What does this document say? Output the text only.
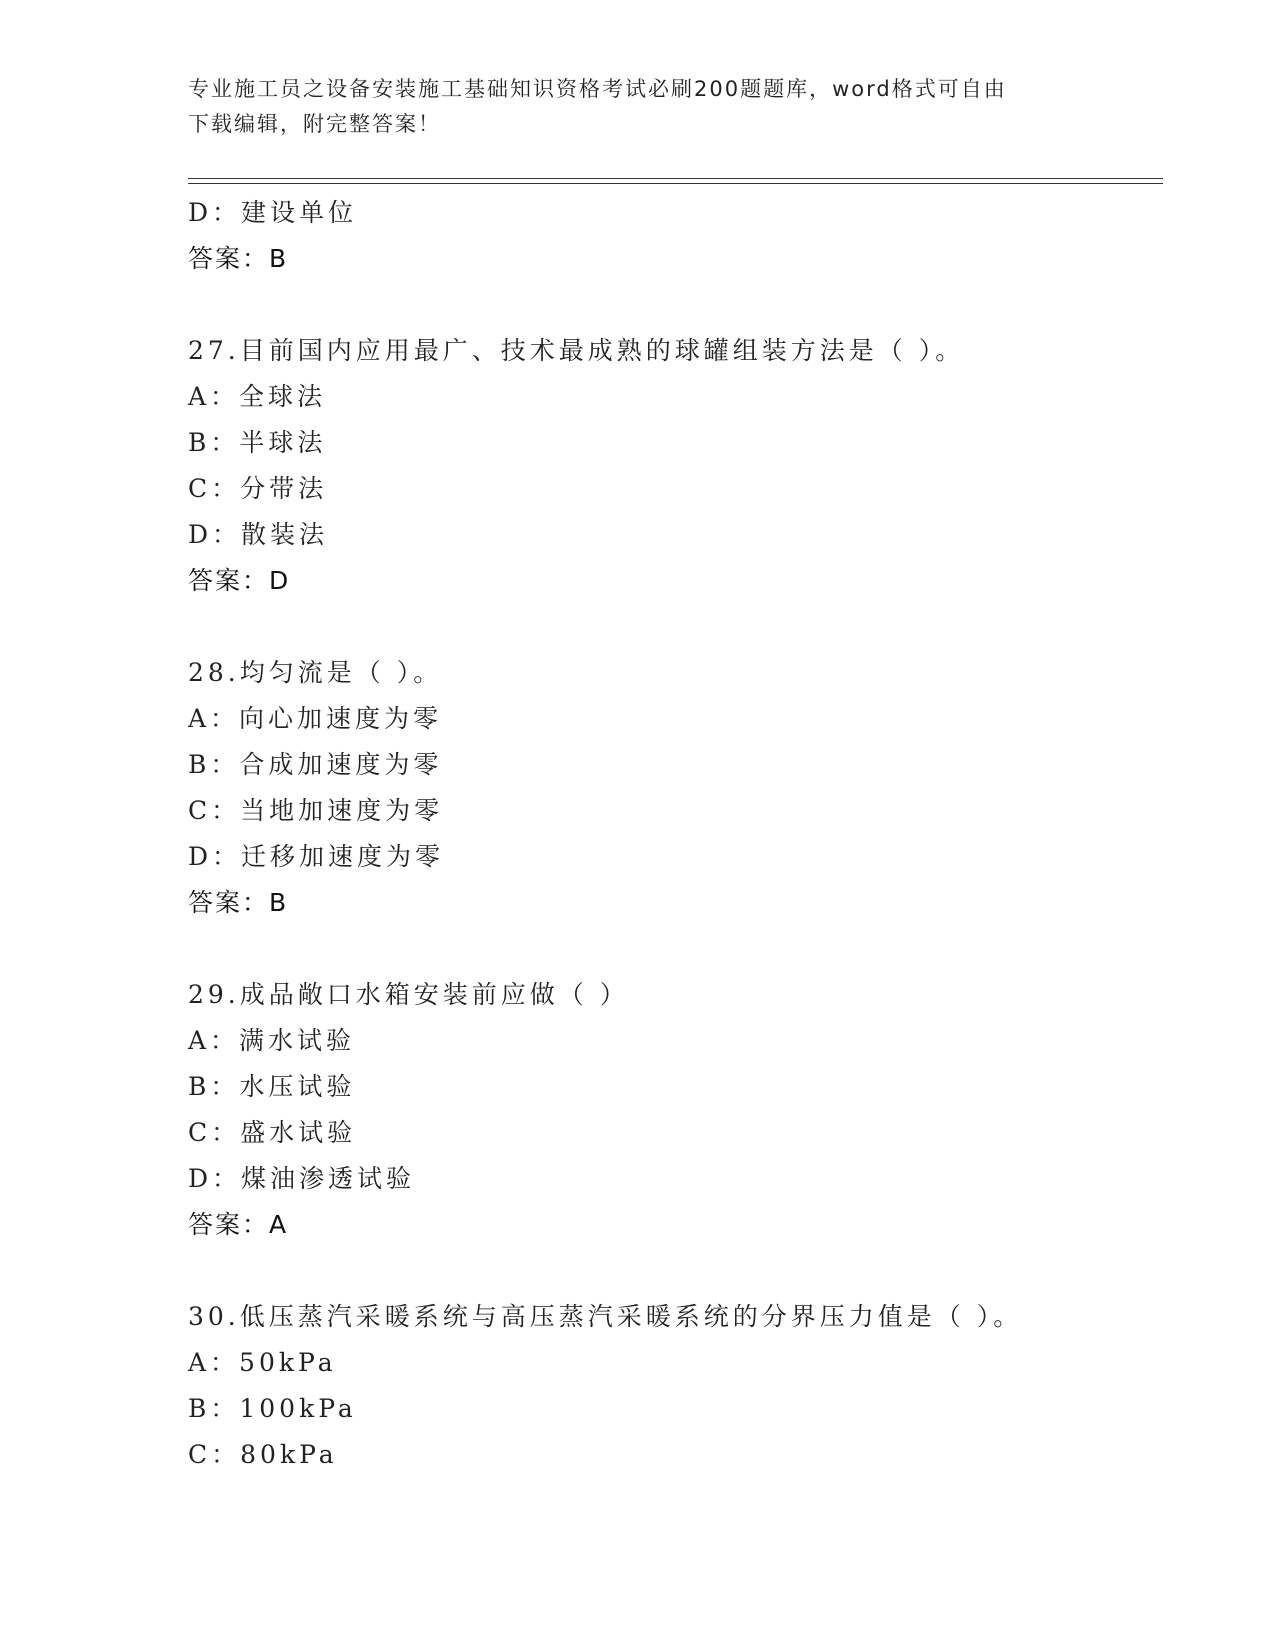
专业施工员之设备安装施工基础知识资格考试必刷200题题库，word格式可自由
下载编辑，附完整答案！
D：建设单位
答案：B
27.目前国内应用最广、技术最成熟的球罐组装方法是（ ）。
A：全球法
B：半球法
C：分带法
D：散装法
答案：D
28.均匀流是（ ）。
A：向心加速度为零
B：合成加速度为零
C：当地加速度为零
D：迁移加速度为零
答案：B
29.成品敞口水箱安装前应做（ ）
A：满水试验
B：水压试验
C：盛水试验
D：煤油渗透试验
答案：A
30.低压蒸汽采暖系统与高压蒸汽采暖系统的分界压力值是（ ）。
A：50kPa
B：100kPa
C：80kPa
